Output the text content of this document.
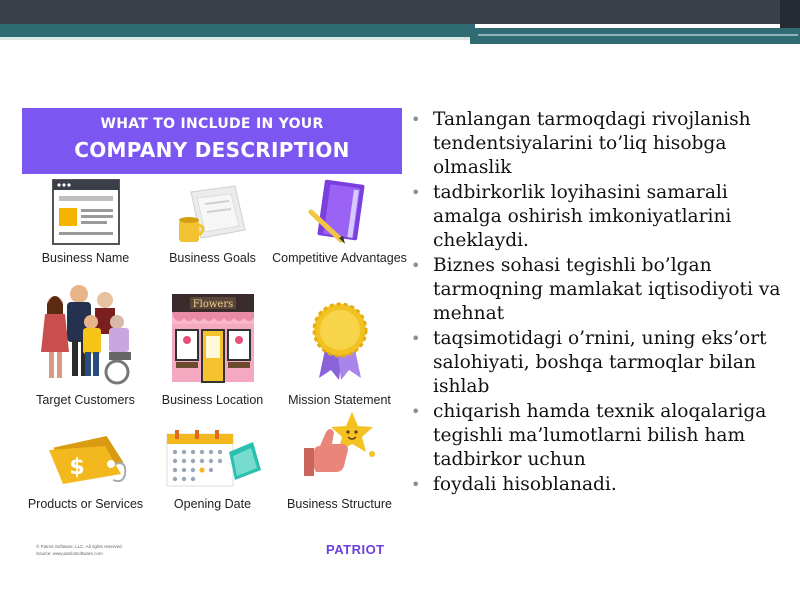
WHAT TO INCLUDE IN YOUR
COMPANY DESCRIPTION
Business Name	Business Goals	Competitive Advantages
Target Customers
Flowers
Business Location	Mission Statement
$
Products or Services	Opening Date	Business Structure
© Patriot Software, LLC. All rights reserved.
Source: www.patriotsoftware.com	PATRIOT
• Tanlangan tarmoqdagi rivojlanish tendentsiyalarini to’liq hisobga olmaslik
• tadbirkorlik loyihasini samarali amalga oshirish imkoniyatlarini cheklaydi.
• Biznes sohasi tegishli bo’lgan tarmoqning mamlakat iqtisodiyoti va mehnat
• taqsimotidagi o’rnini, uning eks’ort salohiyati, boshqa tarmoqlar bilan ishlab
• chiqarish hamda texnik aloqalariga tegishli ma’lumotlarni bilish ham tadbirkor uchun
• foydali hisoblanadi.
